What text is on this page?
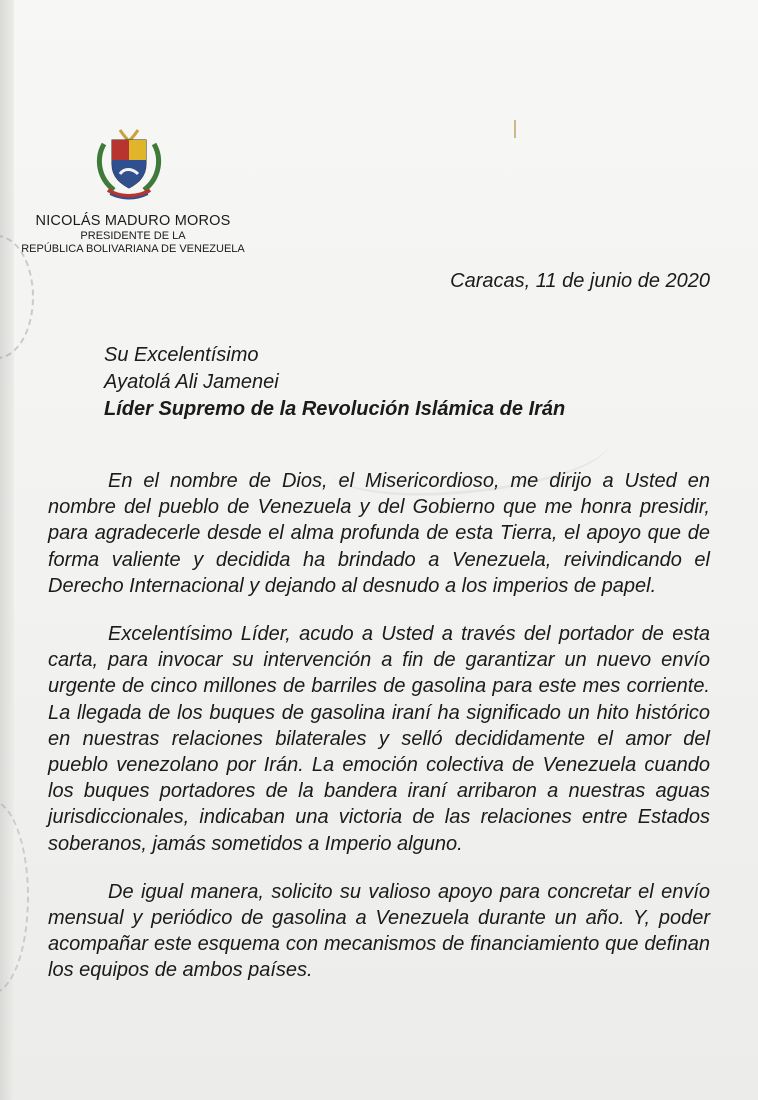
NICOLÁS MADURO MOROS
PRESIDENTE DE LA
REPÚBLICA BOLIVARIANA DE VENEZUELA
Caracas, 11 de junio de 2020
Su Excelentísimo
Ayatolá Ali Jamenei
Líder Supremo de la Revolución Islámica de Irán

En el nombre de Dios, el Misericordioso, me dirijo a Usted en nombre del pueblo de Venezuela y del Gobierno que me honra presidir, para agradecerle desde el alma profunda de esta Tierra, el apoyo que de forma valiente y decidida ha brindado a Venezuela, reivindicando el Derecho Internacional y dejando al desnudo a los imperios de papel.

Excelentísimo Líder, acudo a Usted a través del portador de esta carta, para invocar su intervención a fin de garantizar un nuevo envío urgente de cinco millones de barriles de gasolina para este mes corriente. La llegada de los buques de gasolina iraní ha significado un hito histórico en nuestras relaciones bilaterales y selló decididamente el amor del pueblo venezolano por Irán. La emoción colectiva de Venezuela cuando los buques portadores de la bandera iraní arribaron a nuestras aguas jurisdiccionales, indicaban una victoria de las relaciones entre Estados soberanos, jamás sometidos a Imperio alguno.

De igual manera, solicito su valioso apoyo para concretar el envío mensual y periódico de gasolina a Venezuela durante un año. Y, poder acompañar este esquema con mecanismos de financiamiento que definan los equipos de ambos países.
